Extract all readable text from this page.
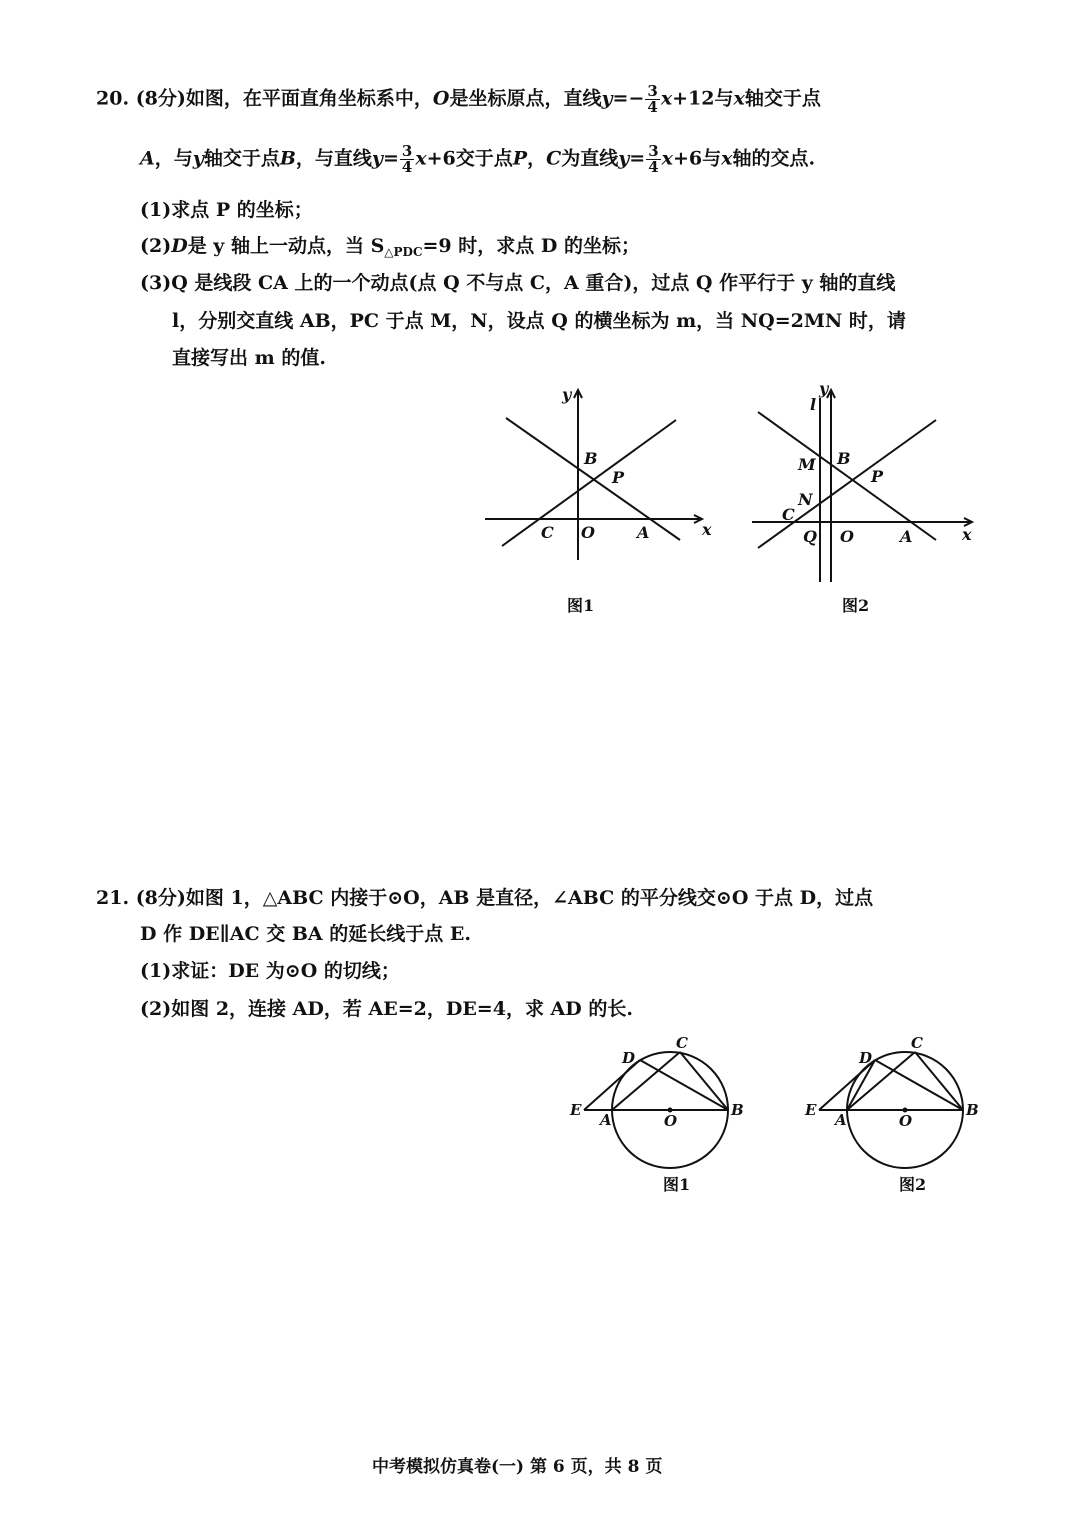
20. (8分)如图，在平面直角坐标系中，O是坐标原点，直线$y=- \frac{3}{4} x+12$与x轴交于点
A，与y轴交于点B，与直线$y= \frac{3}{4} x+6$交于点P，C为直线$y= \frac{3}{4} x+6$与x轴的交点.
(1)求点 P 的坐标；
(2)D是 y 轴上一动点，当 $S_{\triangle PDC}=9$ 时，求点 D 的坐标；
(3)Q 是线段 CA 上的一个动点(点 Q 不与点 C，A 重合)，过点 Q 作平行于 y 轴的直线
l，分别交直线 AB，PC 于点 M，N，设点 Q 的横坐标为 m，当 NQ=2MN 时，请
直接写出 m 的值.
y
x
B
P
C O	A
图1
l
y
M B
P
N
C
Q O	A	x
图2
21. (8分)如图 1，△ABC 内接于⊙O，AB 是直径，∠ABC 的平分线交⊙O 于点 D，过点
D 作 DE∥AC 交 BA 的延长线于点 E.
(1)求证：DE 为⊙O 的切线；
(2)如图 2，连接 AD，若 AE=2，DE=4，求 AD 的长.
D
C
E
A	O
B
图1
D
C
E
A	O
B
图2
中考模拟仿真卷(一) 第 6 页，共 8 页
